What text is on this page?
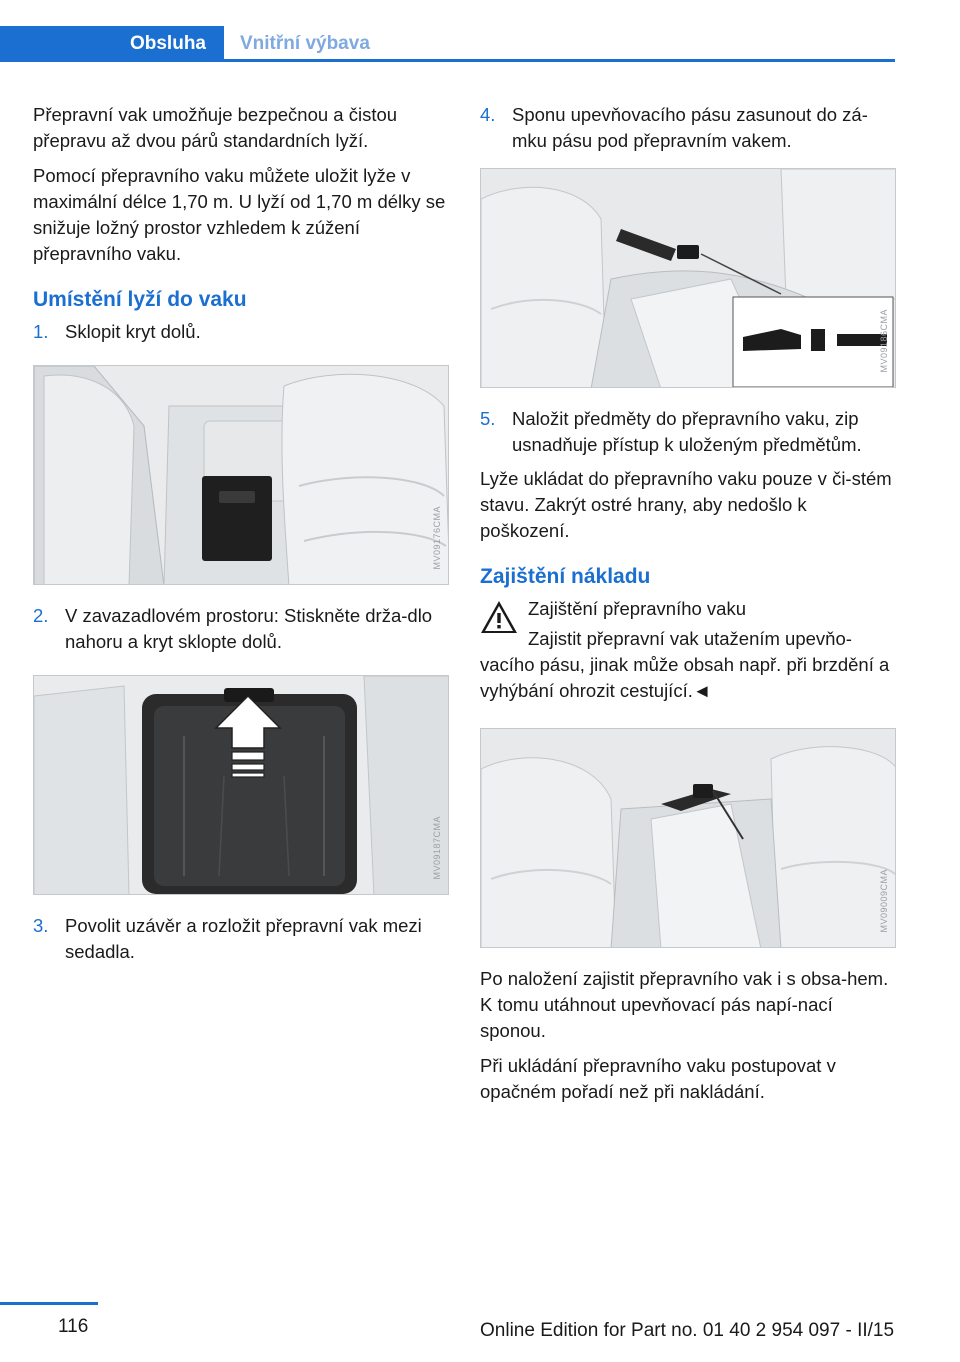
Obsluha	Vnitřní výbava

Přepravní vak umožňuje bezpečnou a čistou přepravu až dvou párů standardních lyží.

Pomocí přepravního vaku můžete uložit lyže v maximální délce 1,70 m. U lyží od 1,70 m délky se snižuje ložný prostor vzhledem k zúžení přepravního vaku.

Umístění lyží do vaku
1. Sklopit kryt dolů.
MV09176CMA
2. V zavazadlovém prostoru: Stiskněte drža‐dlo nahoru a kryt sklopte dolů.
MV09187CMA
3. Povolit uzávěr a rozložit přepravní vak mezi sedadla.
4. Sponu upevňovacího pásu zasunout do zá‐mku pásu pod přepravním vakem.
MV09186CMA
5. Naložit předměty do přepravního vaku, zip usnadňuje přístup k uloženým předmětům.

Lyže ukládat do přepravního vaku pouze v či‐stém stavu. Zakrýt ostré hrany, aby nedošlo k poškození.

Zajištění nákladu

Zajištění přepravního vaku

Zajistit přepravní vak utažením upevňo‐vacího pásu, jinak může obsah např. při brzdění a vyhýbání ohrozit cestující.◄

MV09009CMA

Po naložení zajistit přepravního vak i s obsa‐hem. K tomu utáhnout upevňovací pás napí‐nací sponou.

Při ukládání přepravního vaku postupovat v opačném pořadí než při nakládání.

116	Online Edition for Part no. 01 40 2 954 097 - II/15
